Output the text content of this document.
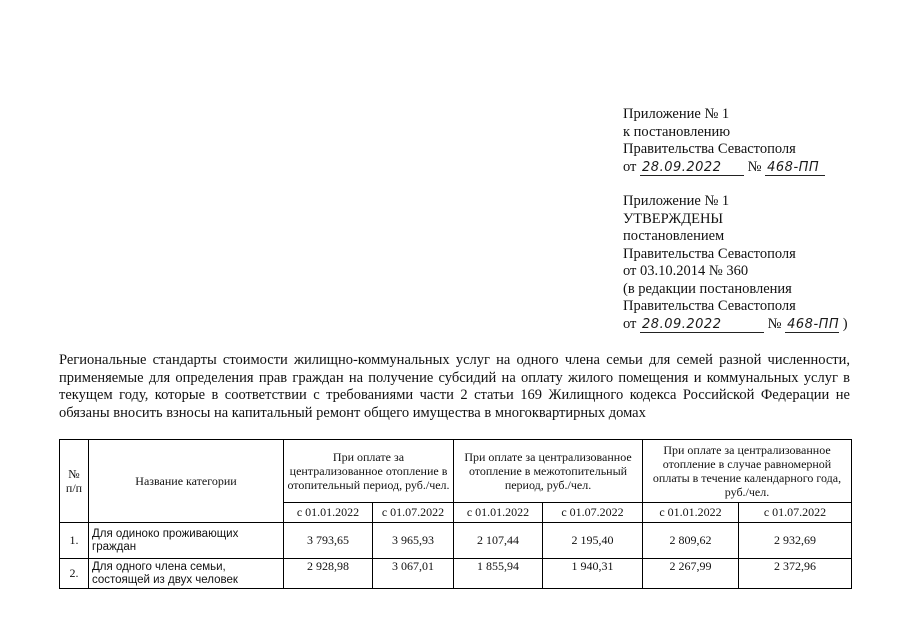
Приложение № 1
к постановлению
Правительства Севастополя
от 28.09.2022 № 468-ПП
Приложение № 1
УТВЕРЖДЕНЫ
постановлением
Правительства Севастополя
от 03.10.2014 № 360
(в редакции постановления
Правительства Севастополя
от 28.09.2022	№ 468-ПП )
Региональные стандарты стоимости жилищно-коммунальных услуг на одного члена семьи для семей разной численности, применяемые для определения прав граждан на получение субсидий на оплату жилого помещения и коммунальных услуг в текущем году, которые в соответствии с требованиями части 2 статьи 169 Жилищного кодекса Российской Федерации не обязаны вносить взносы на капитальный ремонт общего имущества в многоквартирных домах
№ п/п	Название категории	При оплате за централизованное отопление в отопительный период, руб./чел.		При оплате за централизованное отопление в межотопительный период, руб./чел.		При оплате за централизованное отопление в случае равномерной оплаты в течение календарного года, руб./чел.	
		с 01.01.2022	с 01.07.2022	с 01.01.2022	с 01.07.2022	с 01.01.2022	с 01.07.2022
1.	Для одиноко проживающих граждан	3 793,65	3 965,93	2 107,44	2 195,40	2 809,62	2 932,69
2.	Для одного члена семьи, состоящей из двух человек	2 928,98	3 067,01	1 855,94	1 940,31	2 267,99	2 372,96
